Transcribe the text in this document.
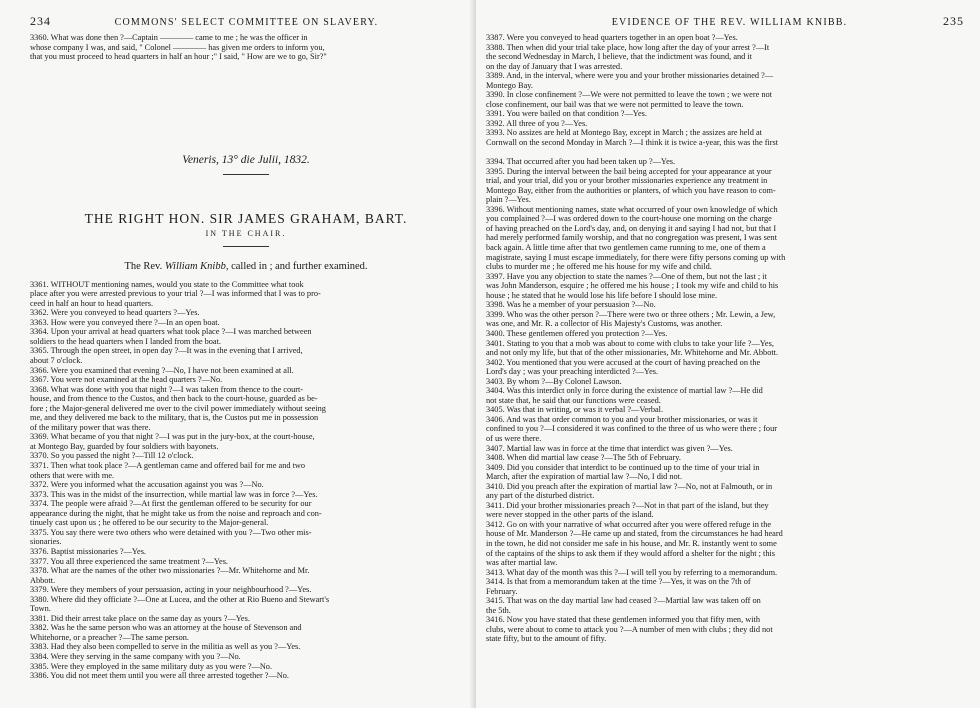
234	COMMONS' SELECT COMMITTEE ON SLAVERY.

3360. What was done then ?—Captain ———— came to me ; he was the officer in

whose company I was, and said, " Colonel ———— has given me orders to inform you,

that you must proceed to head quarters in half an hour ;" I said, " How are we to go, Sir?"

Veneris, 13° die Julii, 1832.
THE RIGHT HON. SIR JAMES GRAHAM, BART.
IN THE CHAIR.
The Rev. William Knibb, called in ; and further examined.

3361. WITHOUT mentioning names, would you state to the Committee what took

place after you were arrested previous to your trial ?—I was informed that I was to pro-

ceed in half an hour to head quarters.

3362. Were you conveyed to head quarters ?—Yes.

3363. How were you conveyed there ?—In an open boat.

3364. Upon your arrival at head quarters what took place ?—I was marched between

soldiers to the head quarters when I landed from the boat.

3365. Through the open street, in open day ?—It was in the evening that I arrived,

about 7 o'clock.

3366. Were you examined that evening ?—No, I have not been examined at all.

3367. You were not examined at the head quarters ?—No.

3368. What was done with you that night ?—I was taken from thence to the court-

house, and from thence to the Custos, and then back to the court-house, guarded as be-

fore ; the Major-general delivered me over to the civil power immediately without seeing

me, and they delivered me back to the military, that is, the Custos put me in possession

of the military power that was there.

3369. What became of you that night ?—I was put in the jury-box, at the court-house,

at Montego Bay, guarded by four soldiers with bayonets.

3370. So you passed the night ?—Till 12 o'clock.

3371. Then what took place ?—A gentleman came and offered bail for me and two

others that were with me.

3372. Were you informed what the accusation against you was ?—No.

3373. This was in the midst of the insurrection, while martial law was in force ?—Yes.

3374. The people were afraid ?—At first the gentleman offered to be security for our

appearance during the night, that he might take us from the noise and reproach and con-

tinuely cast upon us ; he offered to be our security to the Major-general.

3375. You say there were two others who were detained with you ?—Two other mis-

sionaries.

3376. Baptist missionaries ?—Yes.

3377. You all three experienced the same treatment ?—Yes.

3378. What are the names of the other two missionaries ?—Mr. Whitehorne and Mr.

Abbott.

3379. Were they members of your persuasion, acting in your neighbourhood ?—Yes.

3380. Where did they officiate ?—One at Lucea, and the other at Rio Bueno and Stewart's

Town.

3381. Did their arrest take place on the same day as yours ?—Yes.

3382. Was he the same person who was an attorney at the house of Stevenson and

Whitehorne, or a preacher ?—The same person.

3383. Had they also been compelled to serve in the militia as well as you ?—Yes.

3384. Were they serving in the same company with you ?—No.

3385. Were they employed in the same military duty as you were ?—No.

3386. You did not meet them until you were all three arrested together ?—No.

EVIDENCE OF THE REV. WILLIAM KNIBB.	235

3387. Were you conveyed to head quarters together in an open boat ?—Yes.

3388. Then when did your trial take place, how long after the day of your arrest ?—It

the second Wednesday in March, I believe, that the indictment was found, and it

on the day of January that I was arrested.

3389. And, in the interval, where were you and your brother missionaries detained ?—

Montego Bay.

3390. In close confinement ?—We were not permitted to leave the town ; we were not

close confinement, our bail was that we were not permitted to leave the town.

3391. You were bailed on that condition ?—Yes.

3392. All three of you ?—Yes.

3393. No assizes are held at Montego Bay, except in March ; the assizes are held at

Cornwall on the second Monday in March ?—I think it is twice a-year, this was the first

3394. That occurred after you had been taken up ?—Yes.

3395. During the interval between the bail being accepted for your appearance at your

trial, and your trial, did you or your brother missionaries experience any treatment in

Montego Bay, either from the authorities or planters, of which you have reason to com-

plain ?—Yes.

3396. Without mentioning names, state what occurred of your own knowledge of which

you complained ?—I was ordered down to the court-house one morning on the charge

of having preached on the Lord's day, and, on denying it and saying I had not, but that I

had merely performed family worship, and that no congregation was present, I was sent

back again. A little time after that two gentlemen came running to me, one of them a

magistrate, saying I must escape immediately, for there were fifty persons coming up with

clubs to murder me ; he offered me his house for my wife and child.

3397. Have you any objection to state the names ?—One of them, but not the last ; it

was John Manderson, esquire ; he offered me his house ; I took my wife and child to his

house ; he stated that he would lose his life before I should lose mine.

3398. Was he a member of your persuasion ?—No.

3399. Who was the other person ?—There were two or three others ; Mr. Lewin, a Jew,

was one, and Mr. R. a collector of His Majesty's Customs, was another.

3400. These gentlemen offered you protection ?—Yes.

3401. Stating to you that a mob was about to come with clubs to take your life ?—Yes,

and not only my life, but that of the other missionaries, Mr. Whitehorne and Mr. Abbott.

3402. You mentioned that you were accused at the court of having preached on the

Lord's day ; was your preaching interdicted ?—Yes.

3403. By whom ?—By Colonel Lawson.

3404. Was this interdict only in force during the existence of martial law ?—He did

not state that, he said that our functions were ceased.

3405. Was that in writing, or was it verbal ?—Verbal.

3406. And was that order common to you and your brother missionaries, or was it

confined to you ?—I considered it was confined to the three of us who were there ; four

of us were there.

3407. Martial law was in force at the time that interdict was given ?—Yes.

3408. When did martial law cease ?—The 5th of February.

3409. Did you consider that interdict to be continued up to the time of your trial in

March, after the expiration of martial law ?—No, I did not.

3410. Did you preach after the expiration of martial law ?—No, not at Falmouth, or in

any part of the disturbed district.

3411. Did your brother missionaries preach ?—Not in that part of the island, but they

were never stopped in the other parts of the island.

3412. Go on with your narrative of what occurred after you were offered refuge in the

house of Mr. Manderson ?—He came up and stated, from the circumstances he had heard

in the town, he did not consider me safe in his house, and Mr. R. instantly went to some

of the captains of the ships to ask them if they would afford a shelter for the night ; this

was after martial law.

3413. What day of the month was this ?—I will tell you by referring to a memorandum.

3414. Is that from a memorandum taken at the time ?—Yes, it was on the 7th of

February.

3415. That was on the day martial law had ceased ?—Martial law was taken off on

the 5th.

3416. Now you have stated that these gentlemen informed you that fifty men, with

clubs, were about to come to attack you ?—A number of men with clubs ; they did not

state fifty, but to the amount of fifty.
